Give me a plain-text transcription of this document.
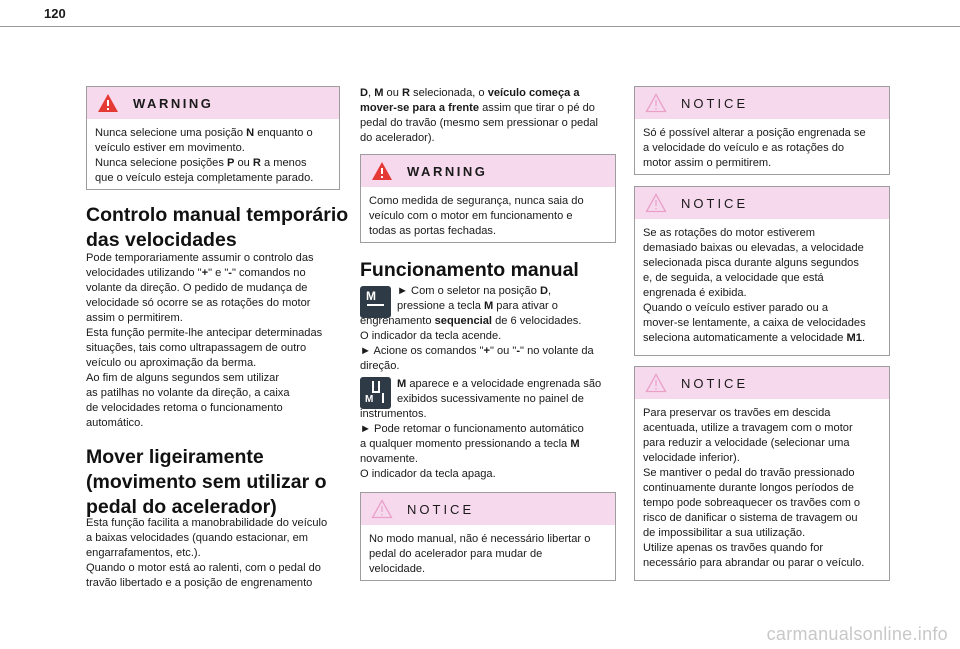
120
WARNING
Nunca selecione uma posição N enquanto o
veículo estiver em movimento.
Nunca selecione posições P ou R a menos
que o veículo esteja completamente parado.
Controlo manual temporário
das velocidades
Pode temporariamente assumir o controlo das
velocidades utilizando "+" e "-" comandos no
volante da direção. O pedido de mudança de
velocidade só ocorre se as rotações do motor
assim o permitirem.
Esta função permite-lhe antecipar determinadas
situações, tais como ultrapassagem de outro
veículo ou aproximação da berma.
Ao fim de alguns segundos sem utilizar
as patilhas no volante da direção, a caixa
de velocidades retoma o funcionamento
automático.
Mover ligeiramente
(movimento sem utilizar o
pedal do acelerador)
Esta função facilita a manobrabilidade do veículo
a baixas velocidades (quando estacionar, em
engarrafamentos, etc.).
Quando o motor está ao ralenti, com o pedal do
travão libertado e a posição de engrenamento
D, M ou R selecionada, o veículo começa a
mover-se para a frente assim que tirar o pé do
pedal do travão (mesmo sem pressionar o pedal
do acelerador).
WARNING
Como medida de segurança, nunca saia do
veículo com o motor em funcionamento e
todas as portas fechadas.
Funcionamento manual
M ► Com o seletor na posição D,
pressione a tecla M para ativar o
engrenamento sequencial de 6 velocidades.
O indicador da tecla acende.
► Acione os comandos "+" ou "-" no volante da
direção.
M
M aparece e a velocidade engrenada são
exibidos sucessivamente no painel de
instrumentos.
► Pode retomar o funcionamento automático
a qualquer momento pressionando a tecla M
novamente.
O indicador da tecla apaga.
NOTICE
No modo manual, não é necessário libertar o
pedal do acelerador para mudar de
velocidade.
NOTICE
Só é possível alterar a posição engrenada se
a velocidade do veículo e as rotações do
motor assim o permitirem.
NOTICE
Se as rotações do motor estiverem
demasiado baixas ou elevadas, a velocidade
selecionada pisca durante alguns segundos
e, de seguida, a velocidade que está
engrenada é exibida.
Quando o veículo estiver parado ou a
mover-se lentamente, a caixa de velocidades
seleciona automaticamente a velocidade M1.
NOTICE
Para preservar os travões em descida
acentuada, utilize a travagem com o motor
para reduzir a velocidade (selecionar uma
velocidade inferior).
Se mantiver o pedal do travão pressionado
continuamente durante longos períodos de
tempo pode sobreaquecer os travões com o
risco de danificar o sistema de travagem ou
de impossibilitar a sua utilização.
Utilize apenas os travões quando for
necessário para abrandar ou parar o veículo.
carmanualsonline.info
